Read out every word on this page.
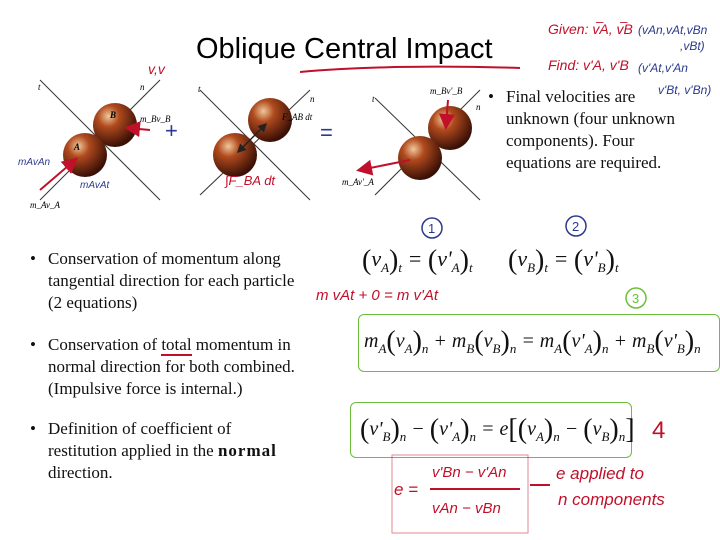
Oblique Central Impact
Given: v͞A, v͞B (vAn,vAt,vBn
,vBt)
Find: v'A, v'B (v'At,v'An
v'Bt, v'Bn)
v,v
t	n
B
A
m_Bv_B
m_Av_A
mAvAn
mAvAt
+
t
n
F_AB dt
∫F_BA dt
=
t
n
m_Bv'_B
m_Av'_A
• Final velocities are
unknown (four unknown
components). Four
equations are required.
1	2
3
• Conservation of momentum along
tangential direction for each particle
(2 equations)
• Conservation of total momentum in
normal direction for both combined.
(Impulsive force is internal.)
• Definition of coefficient of
restitution applied in the normal
direction.
$(v_A)_t = (v'_A)_t$ $(v_B)_t = (v'_B)_t$
m vAt + 0 = m v'At
$m_A(v_A)_n + m_B(v_B)_n = m_A(v'_A)_n + m_B(v'_B)_n$
$(v'_B)_n - (v'_A)_n = e[(v_A)_n - (v_B)_n]$ 4
e =
v'Bn − v'An
vAn − vBn
e applied to
n components
